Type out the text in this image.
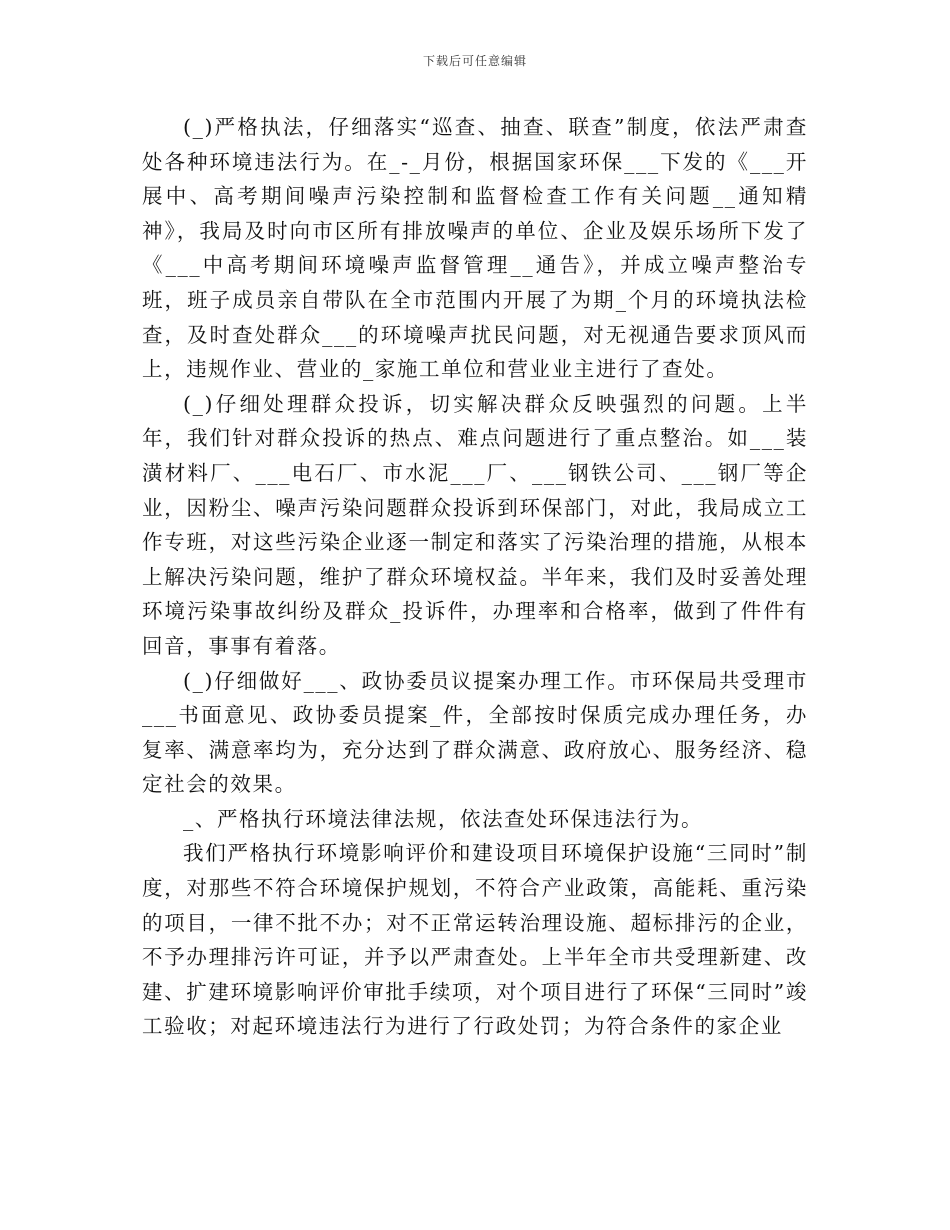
下载后可任意编辑

(_)严格执法，仔细落实“巡查、抽查、联查”制度，依法严肃查处各种环境违法行为。在_-_月份，根据国家环保___下发的《___开展中、高考期间噪声污染控制和监督检查工作有关问题__通知精神》，我局及时向市区所有排放噪声的单位、企业及娱乐场所下发了《___中高考期间环境噪声监督管理__通告》，并成立噪声整治专班，班子成员亲自带队在全市范围内开展了为期_个月的环境执法检查，及时查处群众___的环境噪声扰民问题，对无视通告要求顶风而上，违规作业、营业的_家施工单位和营业业主进行了查处。

(_)仔细处理群众投诉，切实解决群众反映强烈的问题。上半年，我们针对群众投诉的热点、难点问题进行了重点整治。如___装潢材料厂、___电石厂、市水泥___厂、___钢铁公司、___钢厂等企业，因粉尘、噪声污染问题群众投诉到环保部门，对此，我局成立工作专班，对这些污染企业逐一制定和落实了污染治理的措施，从根本上解决污染问题，维护了群众环境权益。半年来，我们及时妥善处理环境污染事故纠纷及群众_投诉件，办理率和合格率，做到了件件有回音，事事有着落。

(_)仔细做好___、政协委员议提案办理工作。市环保局共受理市___书面意见、政协委员提案_件，全部按时保质完成办理任务，办复率、满意率均为，充分达到了群众满意、政府放心、服务经济、稳定社会的效果。

_、严格执行环境法律法规，依法查处环保违法行为。

我们严格执行环境影响评价和建设项目环境保护设施“三同时”制度，对那些不符合环境保护规划，不符合产业政策，高能耗、重污染的项目，一律不批不办；对不正常运转治理设施、超标排污的企业，不予办理排污许可证，并予以严肃查处。上半年全市共受理新建、改建、扩建环境影响评价审批手续项，对个项目进行了环保“三同时”竣工验收；对起环境违法行为进行了行政处罚；为符合条件的家企业
